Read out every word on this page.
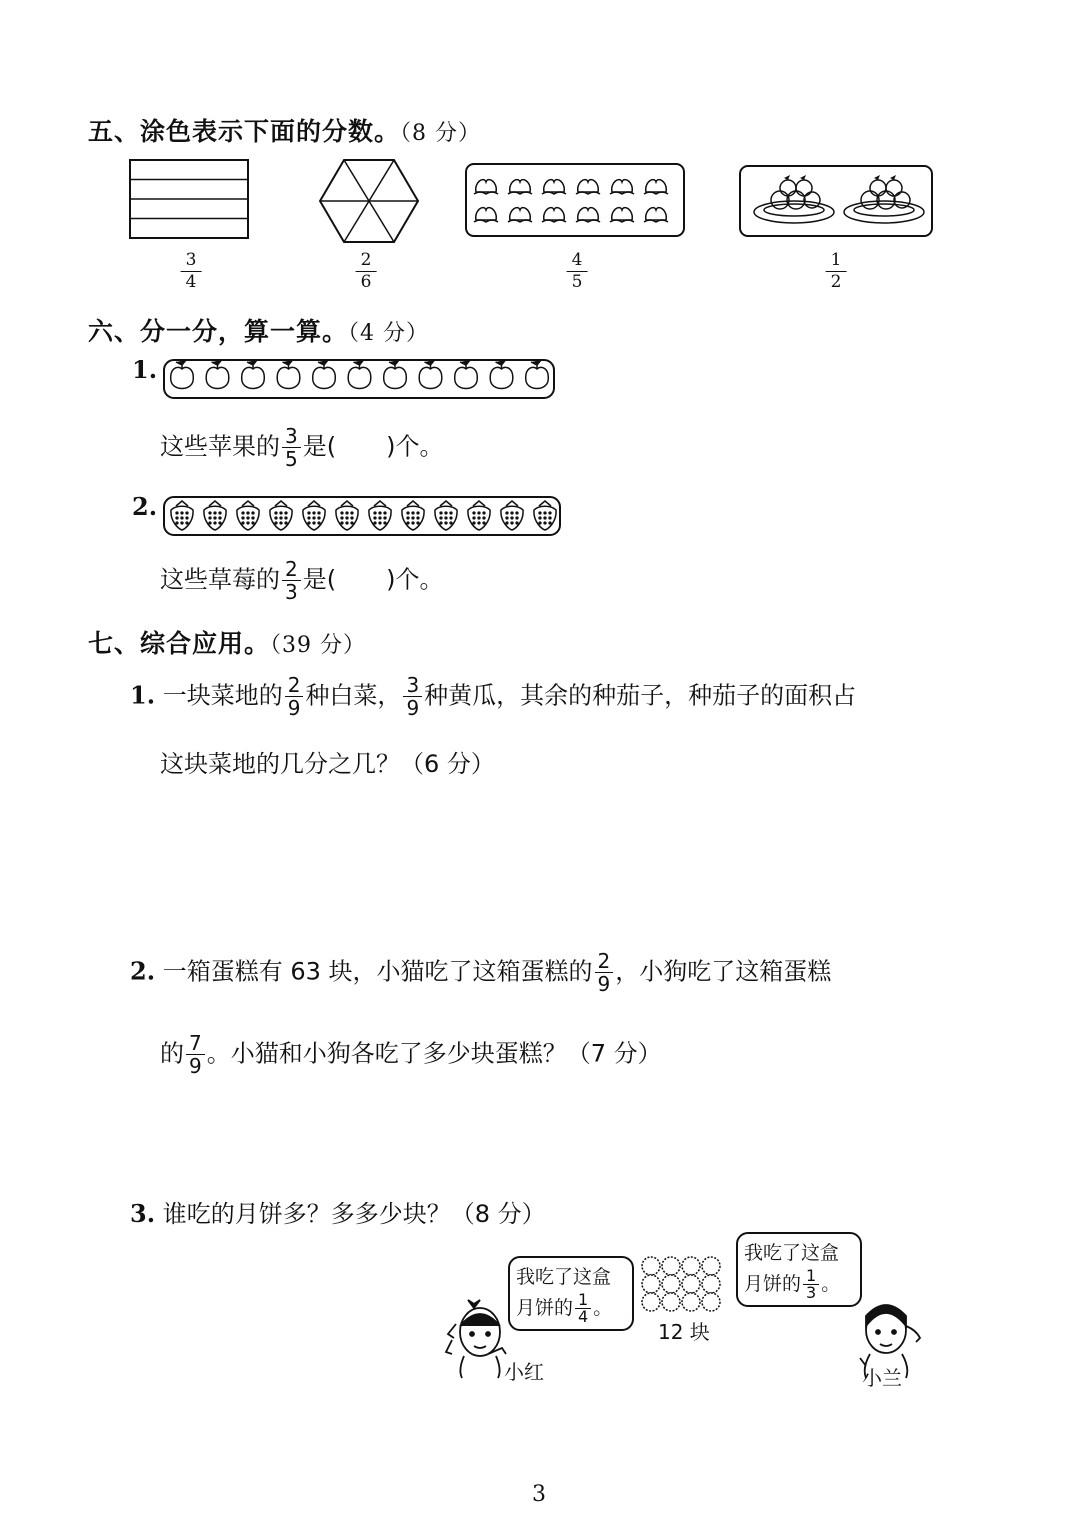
五、涂色表示下面的分数。（8 分）
$\frac{3}{4}$	$\frac{2}{6}$	$\frac{4}{5}$	$\frac{1}{2}$
六、分一分，算一算。（4 分）
1.
这些苹果的 $\frac{3}{5}$ 是( )个。
2.
这些草莓的 $\frac{2}{3}$ 是( )个。
七、综合应用。（39 分）
1. 一块菜地的 $\frac{2}{9}$ 种白菜， $\frac{3}{9}$ 种黄瓜，其余的种茄子，种茄子的面积占
这块菜地的几分之几？（6 分）
2. 一箱蛋糕有 63 块，小猫吃了这箱蛋糕的 $\frac{2}{9}$ ，小狗吃了这箱蛋糕
的 $\frac{7}{9}$ 。小猫和小狗各吃了多少块蛋糕？（7 分）
3. 谁吃的月饼多？多多少块？（8 分）
我吃了这盒
月饼的 $\frac{1}{4}$ 。
我吃了这盒
月饼的 $\frac{1}{3}$ 。
12 块
小红	小兰
3
